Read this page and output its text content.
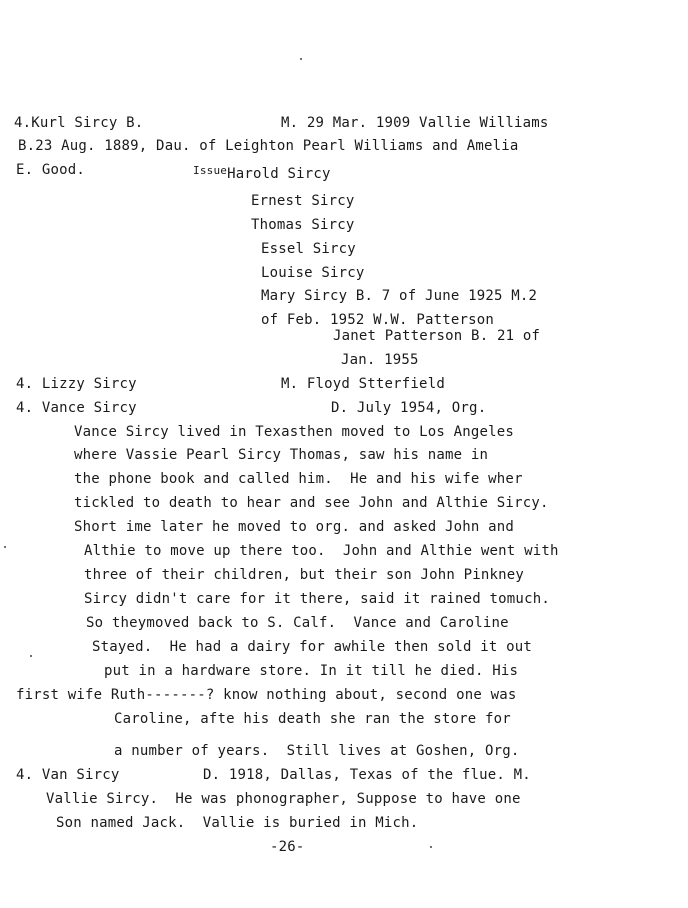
4.Kurl Sircy B.	M. 29 Mar. 1909 Vallie Williams
B.23 Aug. 1889, Dau. of Leighton Pearl Williams and Amelia
E. Good.	$^{Issue}$Harold Sircy
Ernest Sircy
Thomas Sircy
Essel Sircy
Louise Sircy
Mary Sircy B. 7 of June 1925 M.2
of Feb. 1952 W.W. Patterson
Janet Patterson B. 21 of
Jan. 1955
4. Lizzy Sircy	M. Floyd Stterfield
4. Vance Sircy	D. July 1954, Org.
Vance Sircy lived in Texasthen moved to Los Angeles
where Vassie Pearl Sircy Thomas, saw his name in
the phone book and called him.  He and his wife wher
tickled to death to hear and see John and Althie Sircy.
Short ime later he moved to org. and asked John and
Althie to move up there too.  John and Althie went with
three of their children, but their son John Pinkney
Sircy didn't care for it there, said it rained tomuch.
So theymoved back to S. Calf.  Vance and Caroline
Stayed.  He had a dairy for awhile then sold it out
put in a hardware store. In it till he died. His
first wife Ruth-------? know nothing about, second one was
Caroline, afte his death she ran the store for
a number of years.  Still lives at Goshen, Org.
4. Van Sircy	D. 1918, Dallas, Texas of the flue. M.
Vallie Sircy.  He was phonographer, Suppose to have one
Son named Jack.  Vallie is buried in Mich.
-26-
